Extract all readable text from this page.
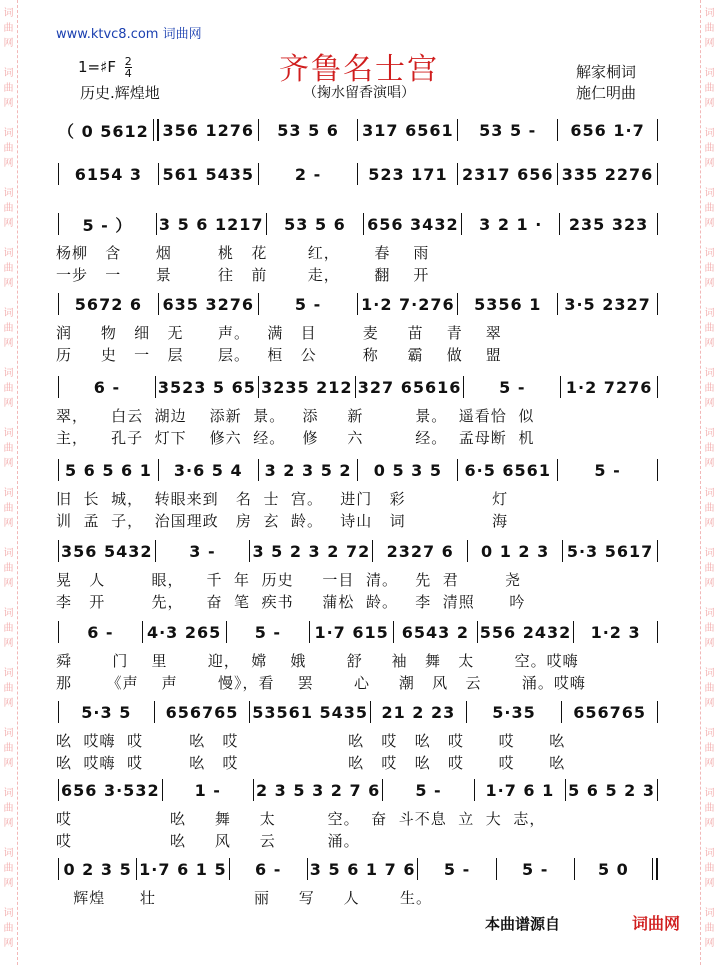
词
曲
网
词
曲
网
词
曲
网
词
曲
网
词
曲
网
词
曲
网
词
曲
网
词
曲
网
词
曲
网
词
曲
网
词
曲
网
词
曲
网
词
曲
网
词
曲
网
词
曲
网
词
曲
网
词
曲
网
词
曲
网
词
曲
网
词
曲
网
词
曲
网
词
曲
网
词
曲
网
词
曲
网
词
曲
网
词
曲
网
词
曲
网
词
曲
网
词
曲
网
词
曲
网
词
曲
网
词
曲
网
www.ktvc8.com 词曲网
齐鲁名士宫
1=♯F $\frac{2}{4}$	解家桐词
历史.辉煌地	（掬水留香演唱）	施仁明曲
（ 0 5612 356 1276	53 5 6	317 6561	53 5 -	656 1·7
6154 3	561 5435	2 -	523 171 2317 656 335 2276
5 - ）	3 5 6 1217	53 5 6	656 3432	3 2 1 ·	235 323
杨柳   含      烟        桃   花       红，      春    雨
一步   一      景        往   前       走，      翻    开
5672 6	635 3276	5 -	1·2 7·276	5356 1	3·5 2327
润     物   细   无      声。   满   目        麦     苗    青    翠
历     史   一   层      层。   桓   公        称     霸    做    盟
6 -	3523 5 65 3235 212 327 65616	5 -	1·2 7276
翠，    白云  湖边    添新  景。   添     新         景。  遥看恰  似
主，    孔子  灯下    修六  经。   修     六         经。  孟母断  机
5 6 5 6 1	3·6 5 4	3 2 3 5 2	0 5 3 5	6·5 6561	5 -
旧  长  城，  转眼来到   名  士  宫。   进门   彩               灯
训  孟  子，  治国理政   房  玄  龄。   诗山   词               海
356 5432	3 -	3 5 2 3 2 72	2327 6	0 1 2 3	5·3 5617
晃   人        眼，    千  年  历史     一目  清。   先  君        尧
李   开        先，    奋  笔  疾书     蒲松  龄。   李  清照      吟
6 -	4·3 265	5 -	1·7 615 6543 2 556 2432	1·2 3
舜       门    里       迎，  嫦    娥       舒     袖   舞   太       空。哎嗨
那      《声    声       慢》，看    罢       心     潮   风   云       涌。哎嗨
5·3 5	656765 53561 5435 21 2 23	5·35	656765
吆  哎嗨  哎        吆   哎                   吆   哎   吆   哎      哎      吆
吆  哎嗨  哎        吆   哎                   吆   哎   吆   哎      哎      吆
656 3·532	1 -	2 3 5 3 2 7 6	5 -	1·7 6 1 5 6 5 2 3
哎                 吆     舞     太         空。  奋  斗不息  立  大  志，
哎                 吆     风     云         涌。
0 2 3 5 1·7 6 1 5	6 -	3 5 6 1 7 6	5 -	5 -	5 0
辉煌      壮                 丽     写     人       生。
本曲谱源自	词曲网
